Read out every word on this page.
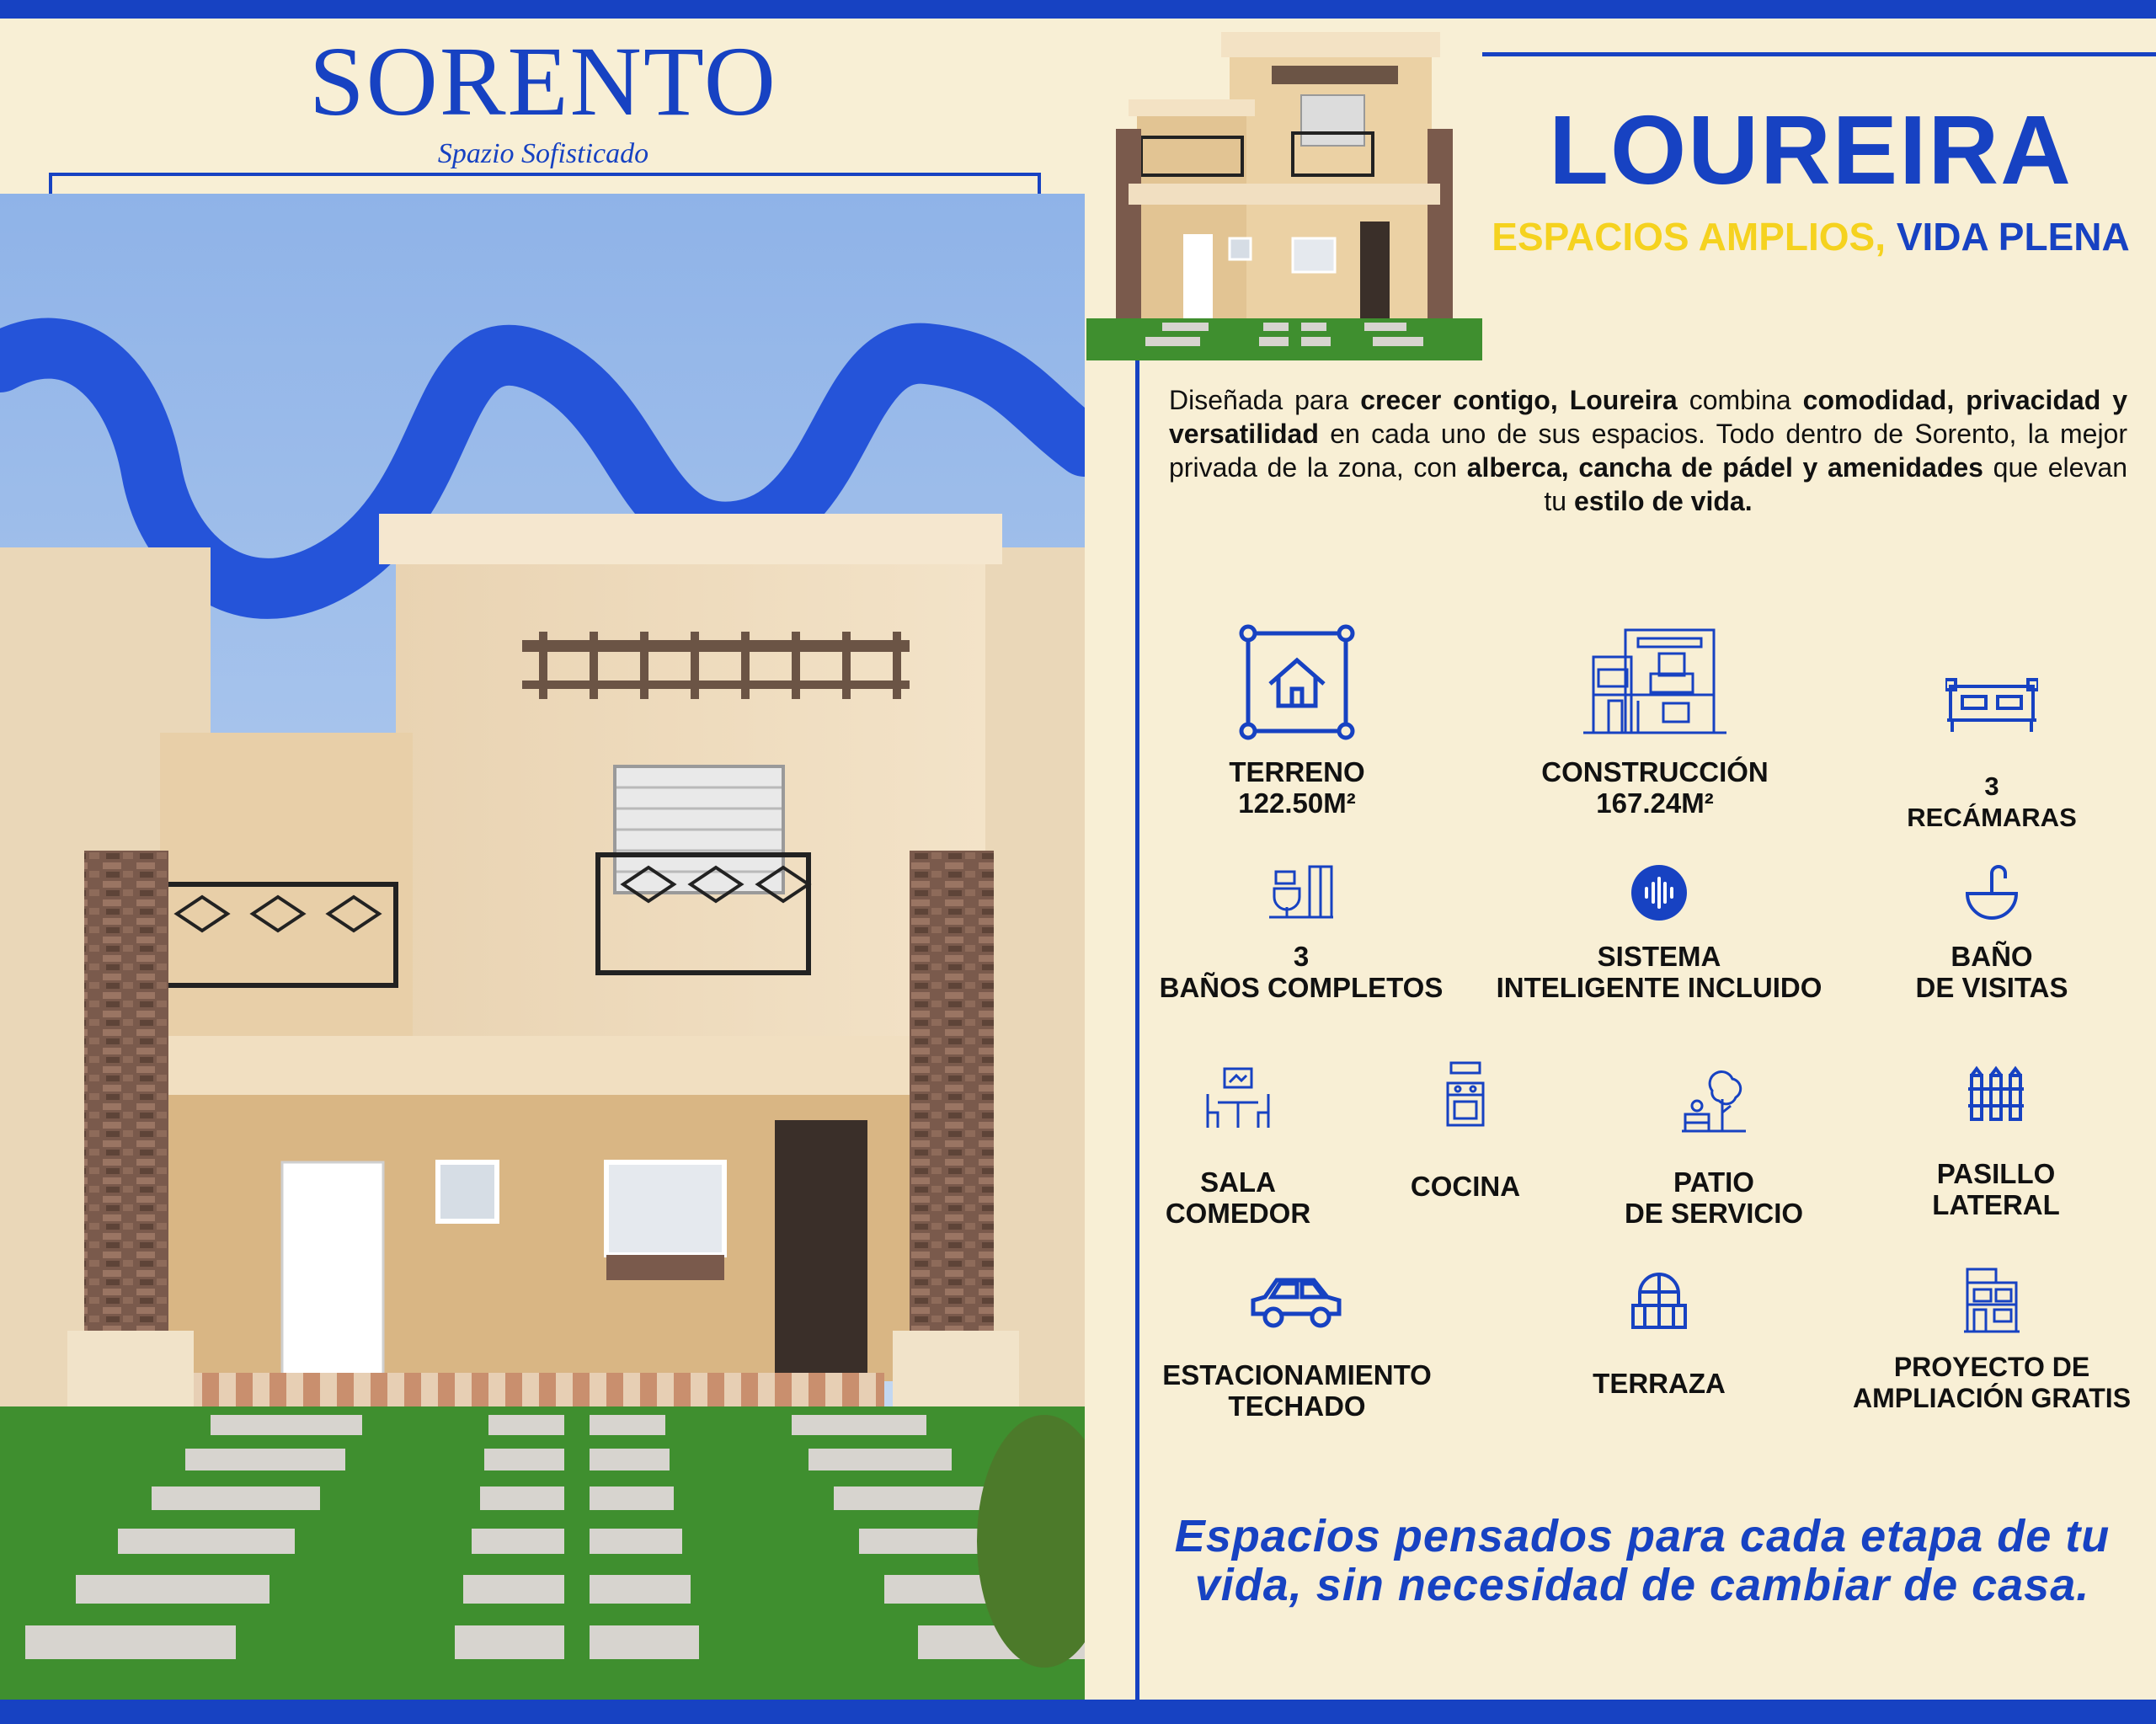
SORENTO
Spazio Sofisticado	LOUREIRA
ESPACIOS AMPLIOS, VIDA PLENA
Diseñada para crecer contigo, Loureira combina comodidad, privacidad y versatilidad en cada uno de sus espacios. Todo dentro de Sorento, la mejor privada de la zona, con alberca, cancha de pádel y amenidades que elevan tu estilo de vida.
TERRENO
122.50M²
CONSTRUCCIÓN
167.24M²
3
RECÁMARAS
3
BAÑOS COMPLETOS
SISTEMA
INTELIGENTE INCLUIDO
BAÑO
DE VISITAS
SALA
COMEDOR
COCINA	PATIO
DE SERVICIO
PASILLO
LATERAL
ESTACIONAMIENTO
TECHADO
TERRAZA
PROYECTO DE
AMPLIACIÓN GRATIS
Espacios pensados para cada etapa de tu vida, sin necesidad de cambiar de casa.
